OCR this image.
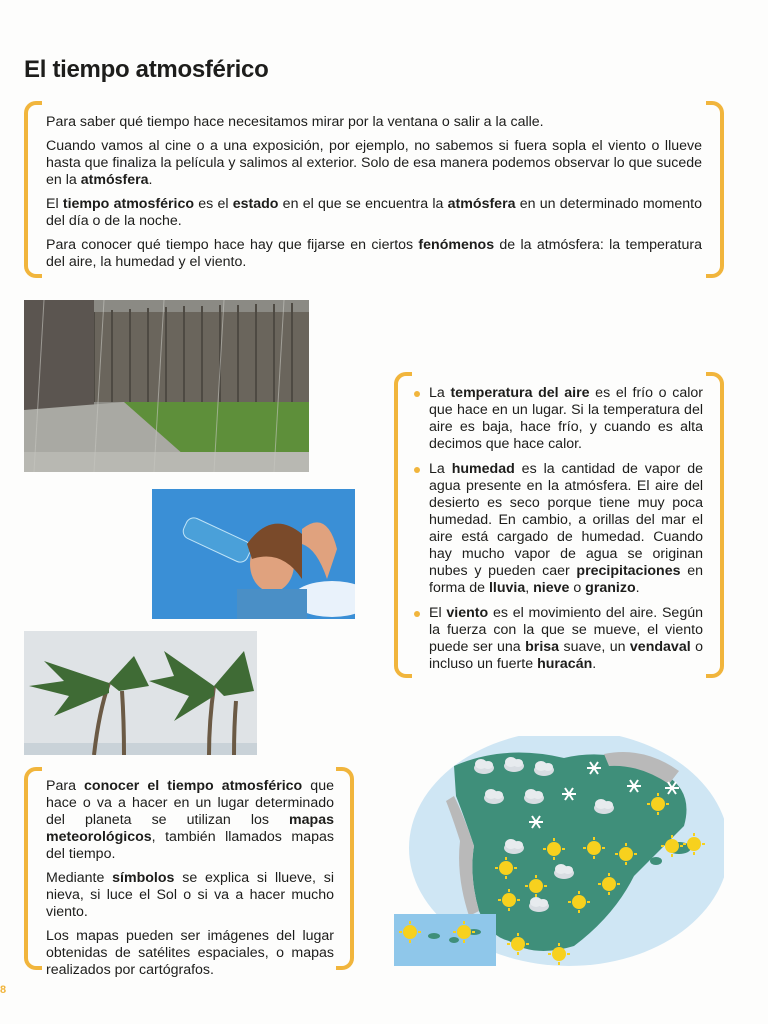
El tiempo atmosférico

Para saber qué tiempo hace necesitamos mirar por la ventana o salir a la calle.

Cuando vamos al cine o a una exposición, por ejemplo, no sabemos si fuera sopla el viento o llueve hasta que finaliza la película y salimos al exterior. Solo de esa manera podemos observar lo que sucede en la atmósfera.

El tiempo atmosférico es el estado en el que se encuentra la atmósfera en un determinado momento del día o de la noche.

Para conocer qué tiempo hace hay que fijarse en ciertos fenómenos de la atmósfera: la temperatura del aire, la humedad y el viento.

La temperatura del aire es el frío o calor que hace en un lugar. Si la temperatura del aire es baja, hace frío, y cuando es alta decimos que hace calor.
La humedad es la cantidad de vapor de agua presente en la atmósfera. El aire del desierto es seco porque tiene muy poca humedad. En cambio, a orillas del mar el aire está cargado de humedad. Cuando hay mucho vapor de agua se originan nubes y pueden caer precipitaciones en forma de lluvia, nieve o granizo.
El viento es el movimiento del aire. Según la fuerza con la que se mueve, el viento puede ser una brisa suave, un vendaval o incluso un fuerte huracán.

Para conocer el tiempo atmosférico que hace o va a hacer en un lugar determinado del planeta se utilizan los mapas meteorológicos, también llamados mapas del tiempo.

Mediante símbolos se explica si llueve, si nieva, si luce el Sol o si va a hacer mucho viento.

Los mapas pueden ser imágenes del lugar obtenidas de satélites espaciales, o mapas realizados por cartógrafos.

8
